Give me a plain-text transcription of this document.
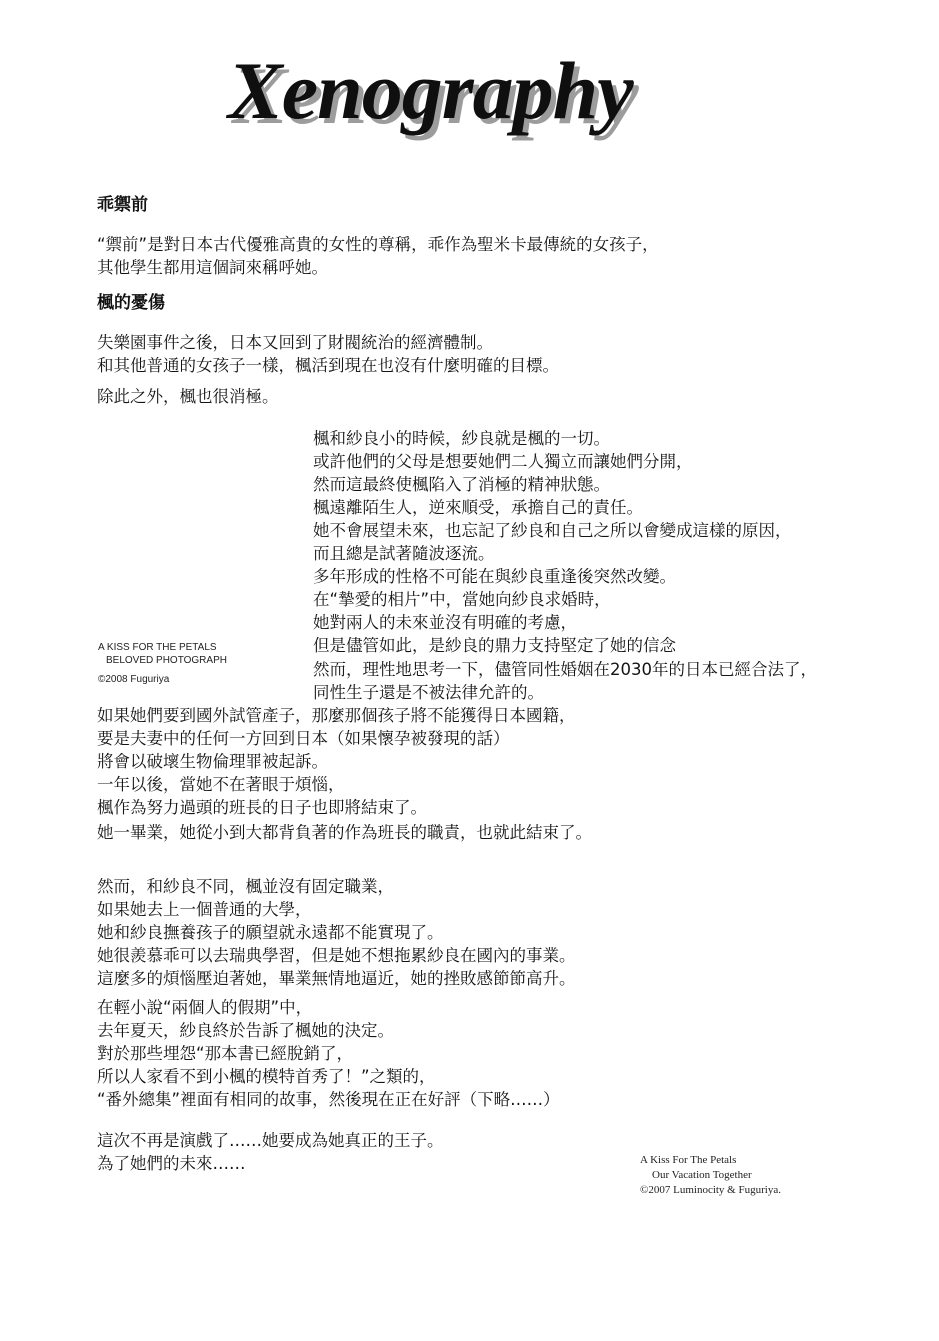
Xenography
乖禦前
“禦前”是對日本古代優雅高貴的女性的尊稱，乖作為聖米卡最傳統的女孩子，
其他學生都用這個詞來稱呼她。
楓的憂傷
失樂園事件之後，日本又回到了財閥統治的經濟體制。
和其他普通的女孩子一樣，楓活到現在也沒有什麼明確的目標。
除此之外，楓也很消極。
楓和紗良小的時候，紗良就是楓的一切。
或許他們的父母是想要她們二人獨立而讓她們分開，
然而這最終使楓陷入了消極的精神狀態。
楓遠離陌生人，逆來順受，承擔自己的責任。
她不會展望未來，也忘記了紗良和自己之所以會變成這樣的原因，
而且總是試著隨波逐流。
多年形成的性格不可能在與紗良重逢後突然改變。
在“摯愛的相片”中，當她向紗良求婚時，
她對兩人的未來並沒有明確的考慮，
但是儘管如此，是紗良的鼎力支持堅定了她的信念
然而，理性地思考一下，儘管同性婚姻在2030年的日本已經合法了，
同性生子還是不被法律允許的。
A KISS FOR THE PETALS
BELOVED PHOTOGRAPH
©2008 Fuguriya
如果她們要到國外試管產子，那麼那個孩子將不能獲得日本國籍，
要是夫妻中的任何一方回到日本（如果懷孕被發現的話）
將會以破壞生物倫理罪被起訴。
一年以後，當她不在著眼于煩惱，
楓作為努力過頭的班長的日子也即將結束了。
她一畢業，她從小到大都背負著的作為班長的職責，也就此結束了。
然而，和紗良不同，楓並沒有固定職業，
如果她去上一個普通的大學，
她和紗良撫養孩子的願望就永遠都不能實現了。
她很羨慕乖可以去瑞典學習，但是她不想拖累紗良在國內的事業。
這麼多的煩惱壓迫著她，畢業無情地逼近，她的挫敗感節節高升。
在輕小說“兩個人的假期”中，
去年夏天，紗良終於告訴了楓她的決定。
對於那些埋怨“那本書已經脫銷了，
所以人家看不到小楓的模特首秀了！”之類的，
“番外總集”裡面有相同的故事，然後現在正在好評（下略……）
這次不再是演戲了……她要成為她真正的王子。
為了她們的未來……	A Kiss For The Petals
Our Vacation Together
©2007 Luminocity & Fuguriya.
